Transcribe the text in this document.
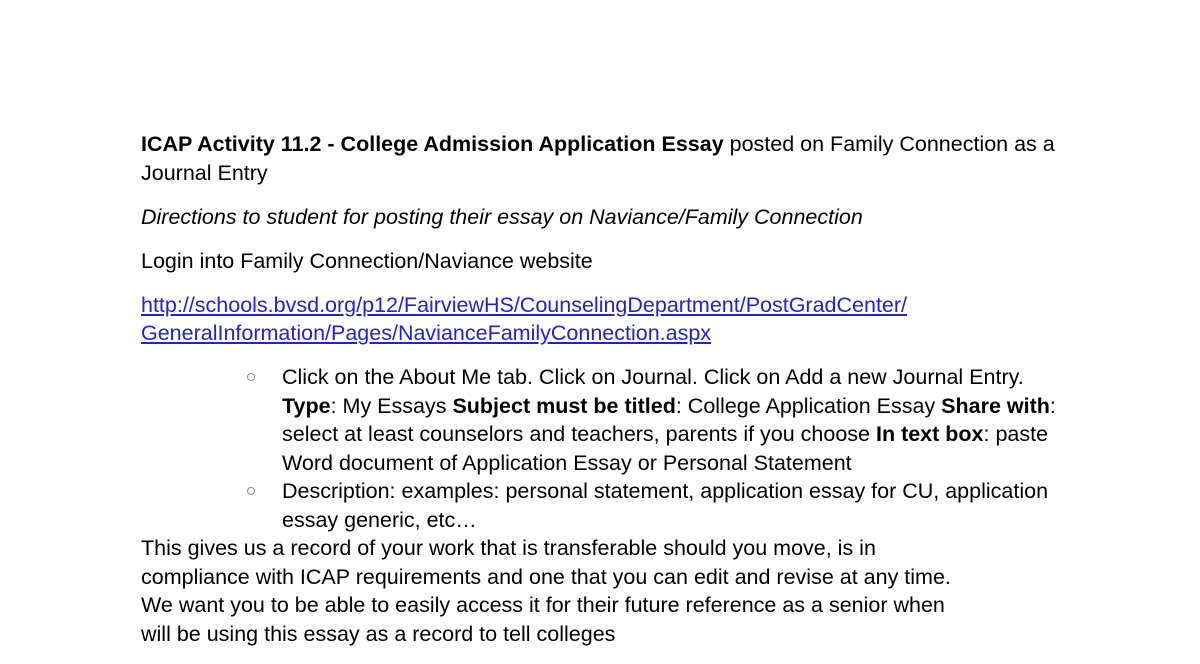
ICAP Activity 11.2 - College Admission Application Essay posted on Family Connection as a Journal Entry

Directions to student for posting their essay on Naviance/Family Connection

Login into Family Connection/Naviance website

http://schools.bvsd.org/p12/FairviewHS/CounselingDepartment/PostGradCenter/
GeneralInformation/Pages/NavianceFamilyConnection.aspx

Click on the About Me tab. Click on Journal. Click on Add a new Journal Entry. Type: My Essays Subject must be titled: College Application Essay Share with: select at least counselors and teachers, parents if you choose In text box: paste Word document of Application Essay or Personal Statement
Description: examples: personal statement, application essay for CU, application essay generic, etc…

This gives us a record of your work that is transferable should you move, is in
compliance with ICAP requirements and one that you can edit and revise at any time.
We want you to be able to easily access it for their future reference as a senior when
will be using this essay as a record to tell colleges
